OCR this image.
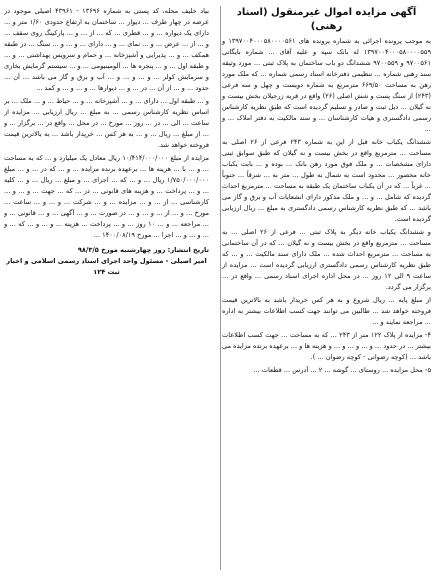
آگهی مزایده اموال غیرمنقول (اسناد رهنی)

به موجب پرونده اجرائی به شماره پرونده های ۱۳۹۷۰۰۴۰۰۰۵۸۰۰۰۰۵۶۱ و ۱۳۹۷۰۰۴۰۰۰۵۸۰۰۰۰۵۵۹ له بانک سپه و علیه آقای ... شماره بایگانی ۹۷۰۰۵۶۱ و ۹۷۰۰۵۵۹ ششدانگ دو باب ساختمان به پلاک ثبتی ... مورد وثیقه سند رهنی شماره ... تنظیمی دفترخانه اسناد رسمی شماره ... که ملک مورد رهن به مساحت ۶۶۹/۵۰ مترمربع به شماره دویست و چهل و سه فرعی (۲۴۳) از سنگ پست و شش اصلی (۲۶) واقع در قریه زرجیلان بخش بیست و نه گیلان ... ذیل ثبت و صادر و تسلیم گردیده است که طبق نظریه کارشناس رسمی دادگستری و هیات کارشناسان ... و سند مالکیت به دفتر املاک ... و ...

ششدانگ یکباب خانه قبل از این به شماره ۲۴۳ فرعی از ۲۶ اصلی به مساحت ... مترمربع واقع در بخش بیست و نه گیلان که طبق سوابق ثبتی دارای مشخصات ... و ملک فوق مورد رهن بانک ... بوده و ... بابت یکباب خانه محصور ... محدود است به شمال به طول ... متر به ... شرقاً ... جنوباً ... غرباً ... که در آن یکباب ساختمان یک طبقه به مساحت ... مترمربع احداث گردیده که شامل ... و ... و ملک مذکور دارای انشعابات آب و برق و گاز می باشد ... که طبق نظریه کارشناس رسمی دادگستری به مبلغ ... ریال ارزیابی گردیده است.

و ششدانگ یکباب خانه دیگر به پلاک ثبتی ... فرعی از ۲۶ اصلی ... به مساحت ... مترمربع واقع در بخش بیست و نه گیلان ... که در آن ساختمانی به مساحت ... مترمربع احداث شده ... ملک دارای سند مالکیت ... و ... که طبق نظریه کارشناس رسمی دادگستری ارزیابی گردیده است ... مزایده از ساعت ۹ الی ۱۲ روز ... در محل اداره اجرای اسناد رسمی ... واقع در ... برگزار می گردد.

از مبلغ پایه ... ریال شروع و به هر کس خریدار باشد به بالاترین قیمت فروخته خواهد شد ... طالبین می توانند جهت کسب اطلاعات بیشتر به اداره ... مراجعه نمایند و ...

۴- مزایده از پلاک ۱۲۲ متر از ۲۴۳ ... که به مساحت ... جهت کسب اطلاعات بیشتر ... در حدود ... و ... و ... و ... و هزینه ها و ... برعهده برنده مزایده می باشد ... (کوچه رضوانی - کوچه رضوان ... ).

۵- محل مزایده ... روستای ... گوشه ... ۲ ... آدرس ... قطعات ...

بیاد خلیف محله، کد پستی به شماره ۱۳۶۹۶ - ۴۳۹۶۱ اصیلی موجود در عرصه در چهار طرف ... دیوار ... ساختمان به ارتفاع حدودی ۱/۶۰ متر و ... دارای یک دیواره ... و ... قطری ... که ... از ... و ... پارکینگ روی سقف ... و ... از ... عرض ... و ... نمای ... و ... دارای ... و ... و ... سنگ ... در طبقه همکف ... و ... پذیرایی و آشپزخانه ... و حمام و سرویس بهداشتی ... و ... و طبقه اول ... و ... پنجره ها ... آلومینیومی ... و ... سیستم گرمایش بخاری و سرمایش کولر ... و ... و ... و ... آب و برق و گاز می باشد ... آن ... حدود ... و ... از آن ... در ... و ... دیوارها ... و ... و ... و کمد ...

و ... طبقه اول ... دارای ... و ... آشپزخانه ... و ... حیاط ... و ... ملک ... بر اساس نظریه کارشناس رسمی ... به مبلغ ... ریال ارزیابی ... مزایده از ساعت ... الی ... در ... روز ... مورخ ... در محل ... واقع در ... برگزار ... و ... از مبلغ ... ریال ... و ... به هر کس ... خریدار باشد ... به بالاترین قیمت فروخته خواهد شد.

مزایده از مبلغ ۱۰/۴۱۴/۰۰۰/۰۰۰ ریال معادل یک میلیارد و ... که به مساحت ... و ... با ... هزینه ها ... برعهده برنده مزایده ... و ... که در ... و ... مبلغ ۱/۷۵۰/۰۰۰/۰۰۰ ریال ... و ... که ... اجرای ... و مبلغ ... ریال ... و ... کلیه ... و ... پرداخت ... و هزینه های قانونی ... در ... که ... جهت ... و ... و ... کارشناسی ... از ... و ... مزایده ... و ... شرکت ... و ... و ... ساعت ... مورخ ... و ... از ... و ... و ... در صورت ... و ... آگهی ... و ... قانونی ... و ... مراجعه ... و ... ۱۰ روز ... و ... پرداخت ... هزینه ... و ... و ... که ... و ... و ... و ... اجرا ... مورخ ۱۴۰۰/۰۸/۱۹ ...

تاریخ انتشار: روز چهارشنبه مورخ ۹۸/۳/۵
امیر اصیلی - مسئول واحد اجرای اسناد رسمی اسلامی و اخبار ثبت ۱۲۴
